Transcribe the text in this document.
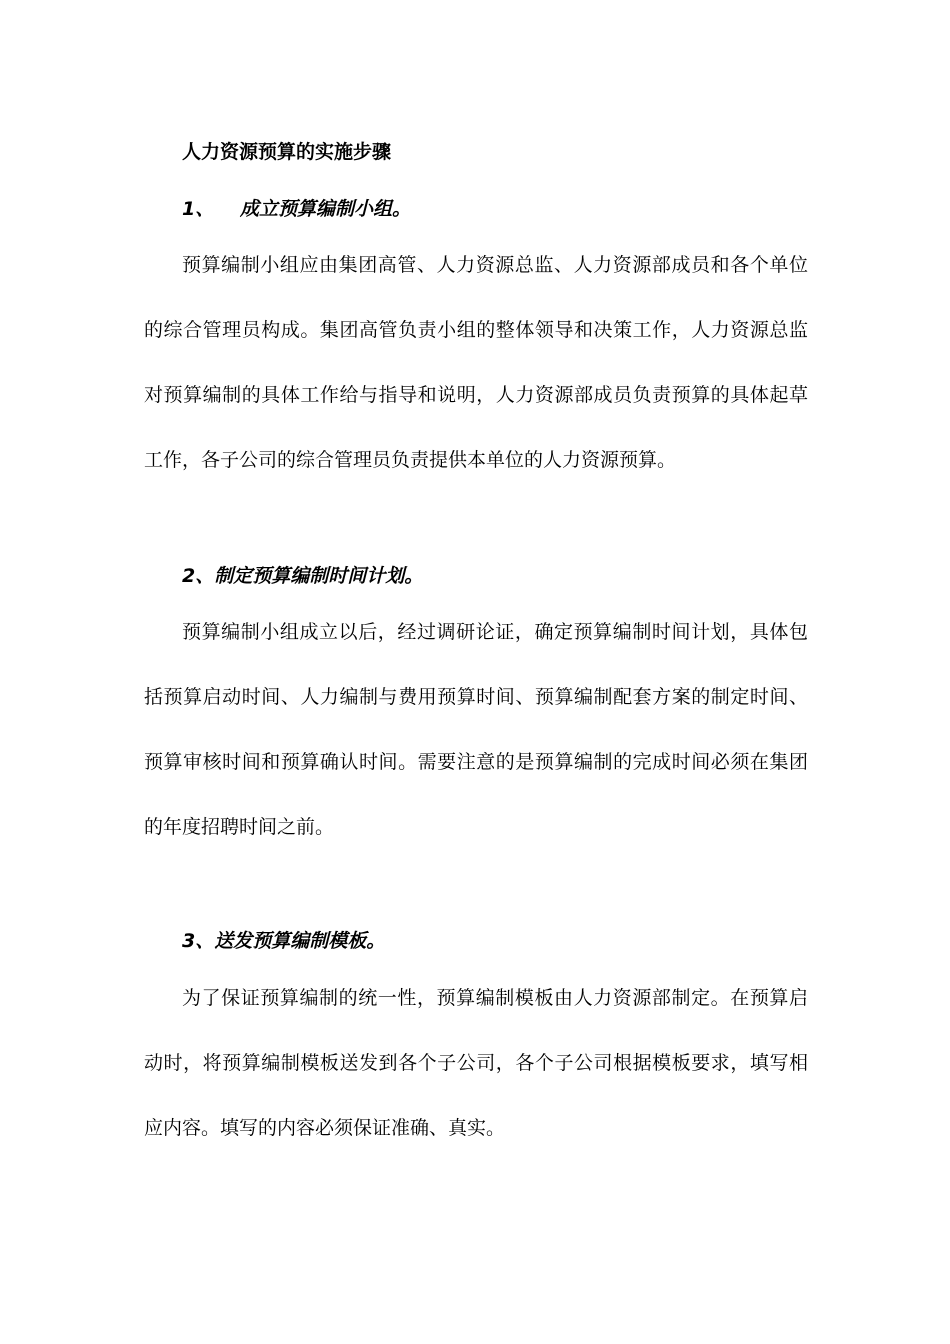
人力资源预算的实施步骤
1、 成立预算编制小组。

预算编制小组应由集团高管、人力资源总监、人力资源部成员和各个单位的综合管理员构成。集团高管负责小组的整体领导和决策工作，人力资源总监对预算编制的具体工作给与指导和说明，人力资源部成员负责预算的具体起草工作，各子公司的综合管理员负责提供本单位的人力资源预算。

2、制定预算编制时间计划。

预算编制小组成立以后，经过调研论证，确定预算编制时间计划，具体包括预算启动时间、人力编制与费用预算时间、预算编制配套方案的制定时间、预算审核时间和预算确认时间。需要注意的是预算编制的完成时间必须在集团的年度招聘时间之前。

3、送发预算编制模板。

为了保证预算编制的统一性，预算编制模板由人力资源部制定。在预算启动时，将预算编制模板送发到各个子公司，各个子公司根据模板要求，填写相应内容。填写的内容必须保证准确、真实。
